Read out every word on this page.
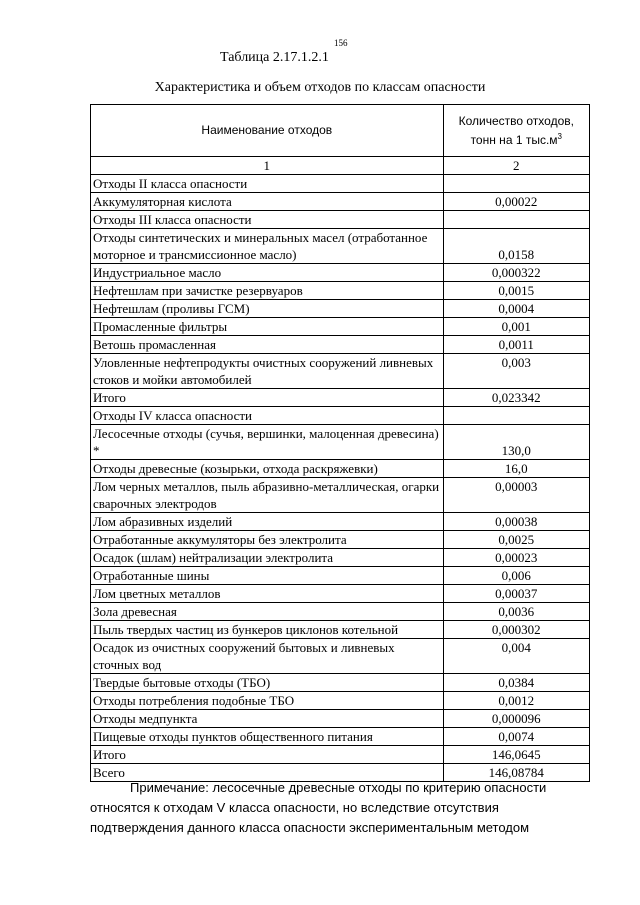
156
Таблица 2.17.1.2.1
Характеристика и объем отходов по классам опасности
Наименование отходов	Количество отходов,
тонн на 1 $тыс.м^3$
1	2
Отходы II класса опасности	
Аккумуляторная кислота	0,00022
Отходы III класса опасности	
Отходы синтетических и минеральных масел (отработанное моторное и трансмиссионное масло)	0,0158
Индустриальное масло	0,000322
Нефтешлам при зачистке резервуаров	0,0015
Нефтешлам (проливы ГСМ)	0,0004
Промасленные фильтры	0,001
Ветошь промасленная	0,0011
Уловленные нефтепродукты очистных сооружений ливневых стоков и мойки автомобилей	0,003
Итого	0,023342
Отходы IV класса опасности	
Лесосечные отходы (сучья, вершинки, малоценная древесина) *	130,0
Отходы древесные (козырьки, отхода раскряжевки)	16,0
Лом черных металлов, пыль абразивно-металлическая, огарки сварочных электродов	0,00003
Лом абразивных изделий	0,00038
Отработанные аккумуляторы без электролита	0,0025
Осадок (шлам) нейтрализации электролита	0,00023
Отработанные шины	0,006
Лом цветных металлов	0,00037
Зола древесная	0,0036
Пыль твердых частиц из бункеров циклонов котельной	0,000302
Осадок из очистных сооружений бытовых и ливневых сточных вод	0,004
Твердые бытовые отходы (ТБО)	0,0384
Отходы потребления подобные ТБО	0,0012
Отходы медпункта	0,000096
Пищевые отходы пунктов общественного питания	0,0074
Итого	146,0645
Всего	146,08784

Примечание: лесосечные древесные отходы по критерию опасности

относятся к отходам V класса опасности, но вследствие отсутствия

подтверждения данного класса опасности экспериментальным методом
